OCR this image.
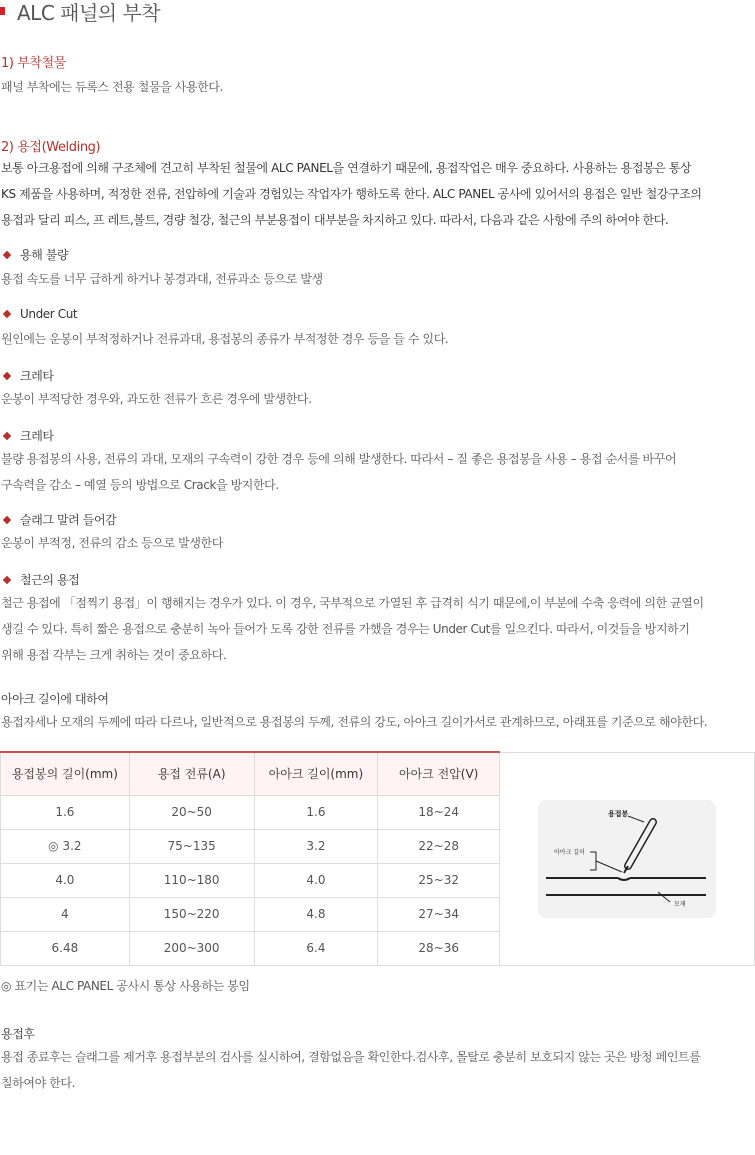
ALC 패널의 부착
1) 부착철물
패널 부착에는 듀록스 전용 철물을 사용한다.
2) 용접(Welding)
보통 아크용접에 의해 구조체에 견고히 부착된 철물에 ALC PANEL을 연결하기 때문에, 용접작업은 매우 중요하다. 사용하는 용접봉은 통상
KS 제품을 사용하며, 적정한 전류, 전압하에 기술과 경험있는 작업자가 행하도록 한다. ALC PANEL 공사에 있어서의 용접은 일반 철강구조의
용접과 달리 피스, 프 레트,볼트, 경량 철강, 철근의 부분용접이 대부분을 차지하고 있다. 따라서, 다음과 같은 사항에 주의 하여야 한다.
용해 불량
용접 속도를 너무 급하게 하거나 봉경과대, 전류과소 등으로 발생
Under Cut
원인에는 운봉이 부적정하거나 전류과대, 용접봉의 종류가 부적정한 경우 등을 들 수 있다.
크레타
운봉이 부적당한 경우와, 과도한 전류가 흐른 경우에 발생한다.
크레타
불량 용접봉의 사용, 전류의 과대, 모재의 구속력이 강한 경우 등에 의해 발생한다. 따라서 – 질 좋은 용접봉을 사용 – 용접 순서를 바꾸어
구속력을 감소 – 예열 등의 방법으로 Crack을 방지한다.
슬래그 말려 들어감
운봉이 부적정, 전류의 감소 등으로 발생한다
철근의 용접
철근 용접에 「점찍기 용접」이 행해지는 경우가 있다. 이 경우, 국부적으로 가열된 후 급격히 식기 때문에,이 부분에 수축 응력에 의한 균열이
생길 수 있다. 특히 짧은 용접으로 충분히 녹아 들어가 도록 강한 전류를 가했을 경우는 Under Cut를 일으킨다. 따라서, 이것들을 방지하기
위해 용접 각부는 크게 취하는 것이 중요하다.
아아크 길이에 대하여
용접자세나 모재의 두께에 따라 다르나, 일반적으로 용접봉의 두께, 전류의 강도, 아아크 길이가서로 관계하므로, 아래표를 기준으로 해야한다.
용접봉의 길이(mm)	용접 전류(A)	아아크 길이(mm)	아아크 전압(V)	용접봉
아아크 길이
모재

1.6	20~50	1.6	18~24	
◎ 3.2	75~135	3.2	22~28	
4.0	110~180	4.0	25~32	
4	150~220	4.8	27~34	
6.48	200~300	6.4	28~36	
◎ 표기는 ALC PANEL 공사시 통상 사용하는 봉임
용접후
용접 종료후는 슬래그를 제거후 용접부분의 검사를 실시하여, 결함없음을 확인한다.검사후, 몰탈로 충분히 보호되지 않는 곳은 방청 페인트를
칠하여야 한다.
